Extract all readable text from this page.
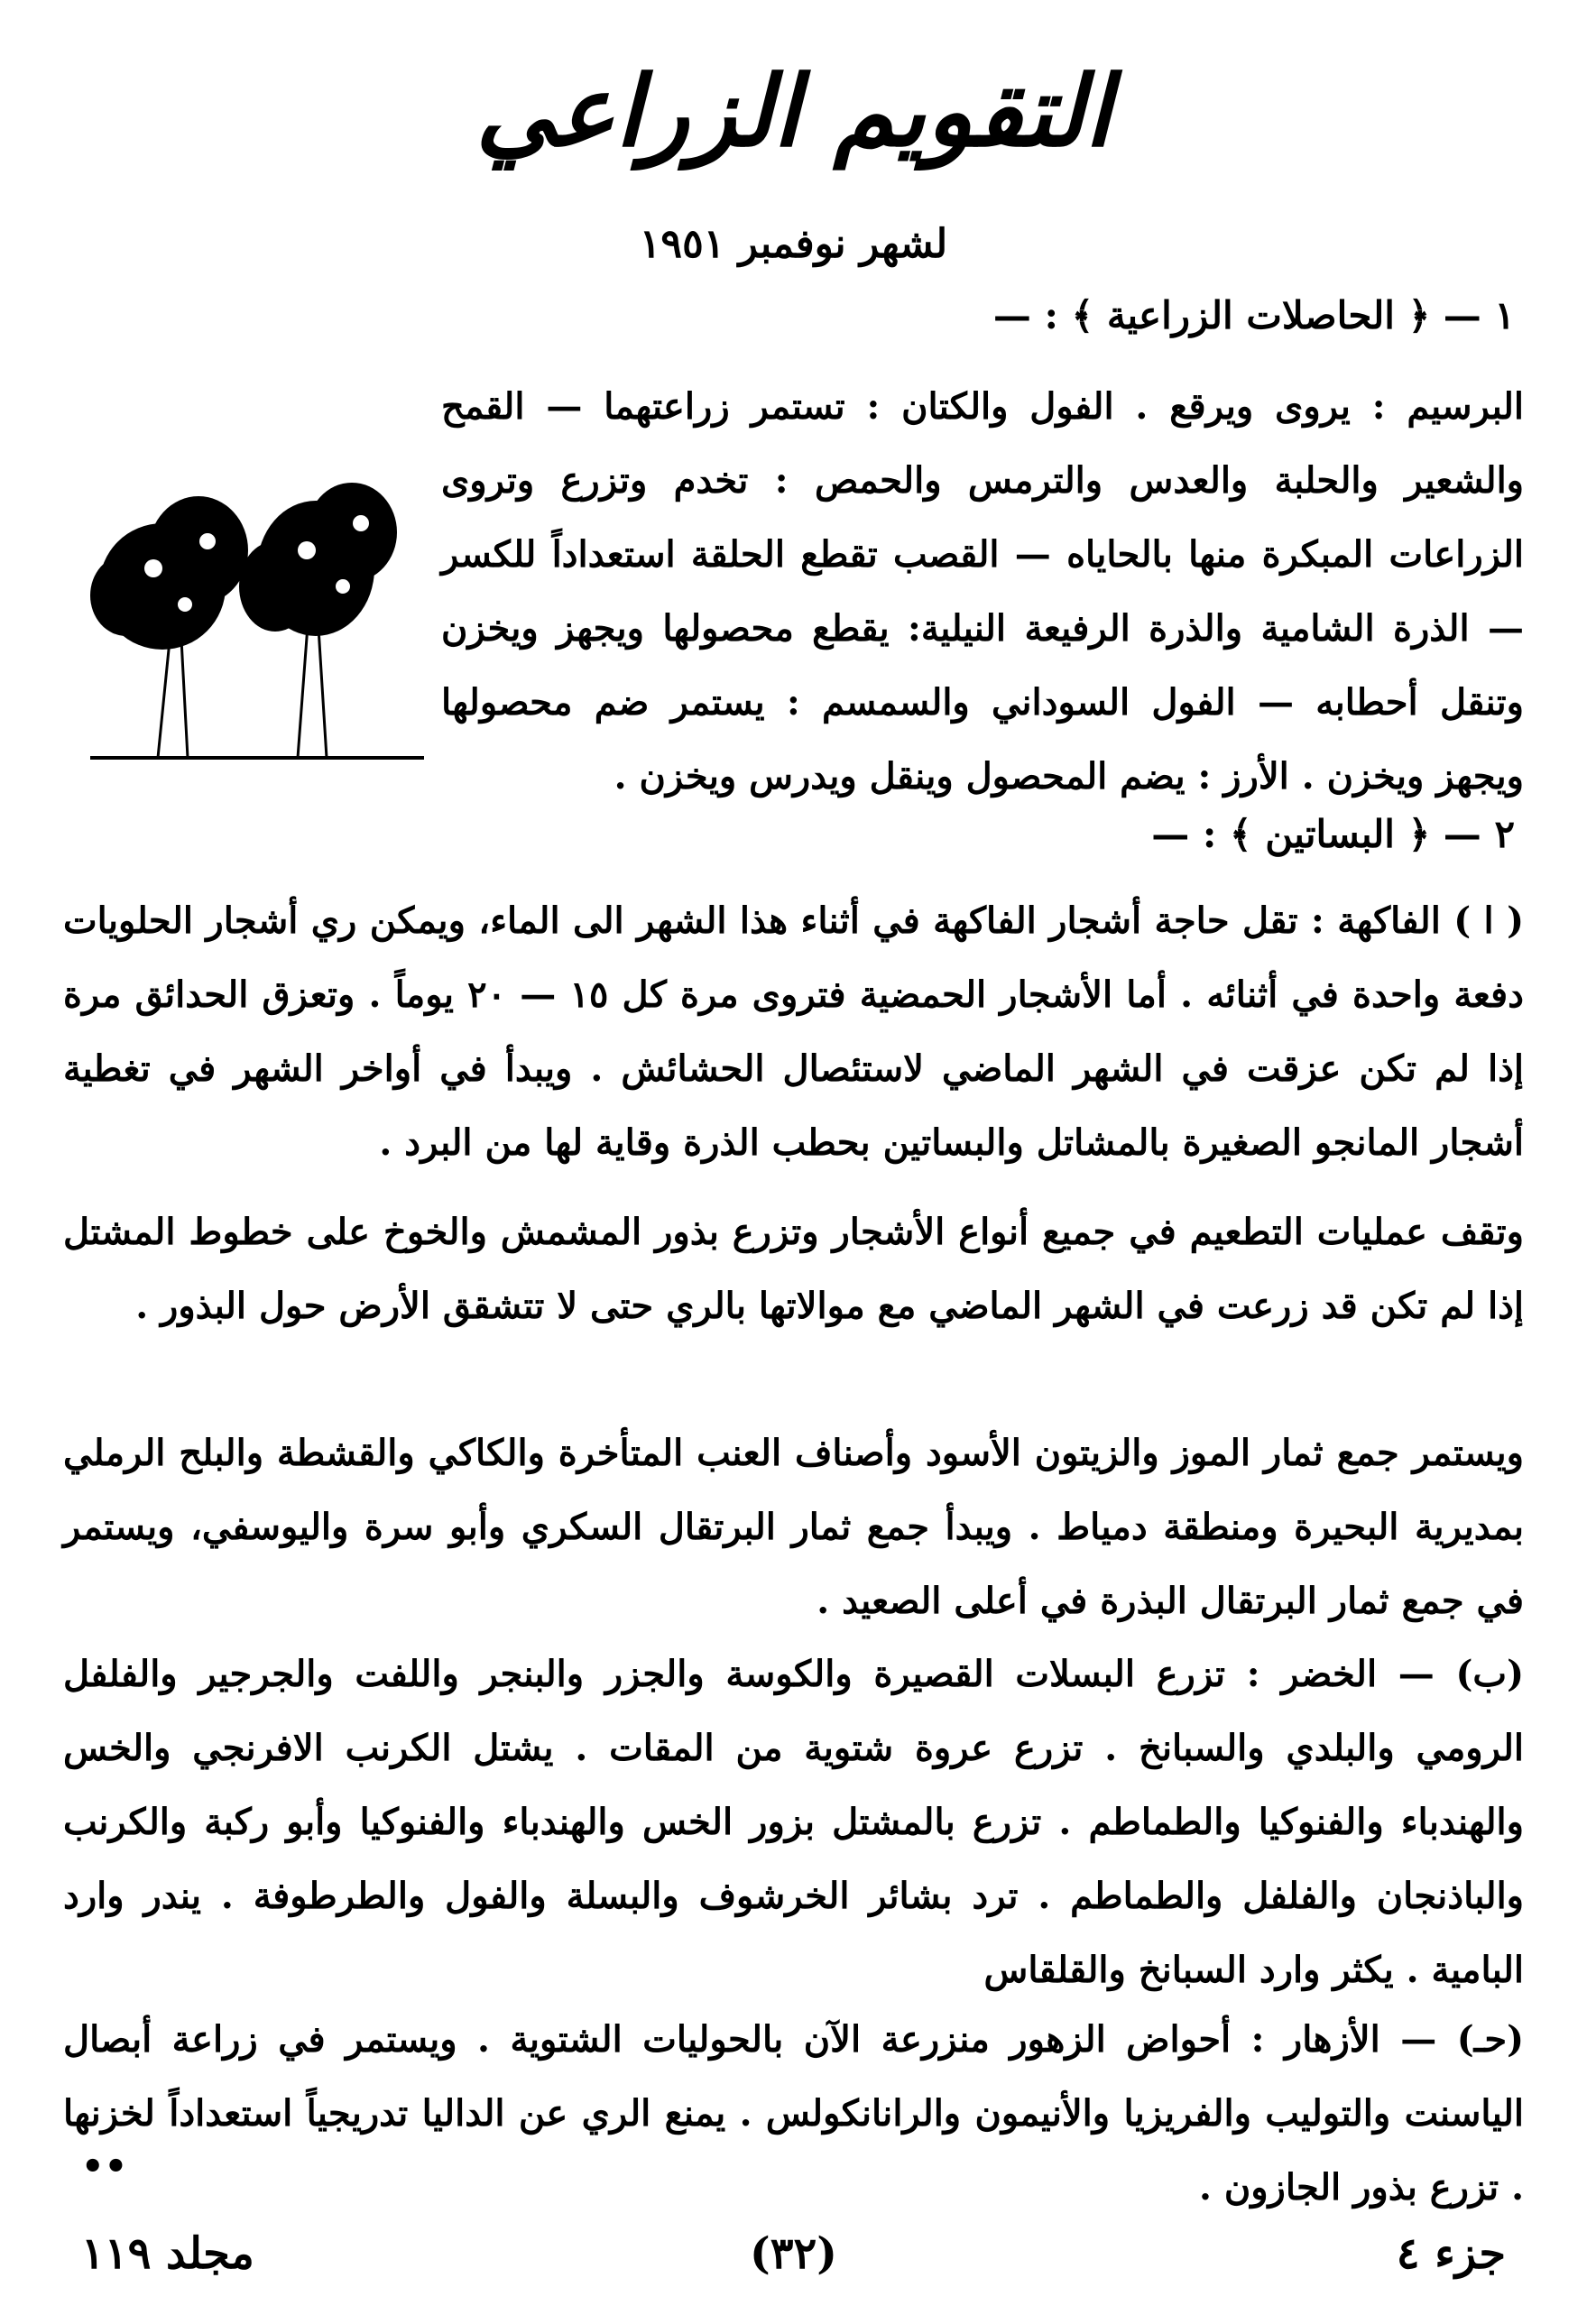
التقويم الزراعي
لشهر نوفمبر ١٩٥١
١ — ﴿ الحاصلات الزراعية ﴾ : —
البرسيم : يروى ويرقع . الفول والكتان : تستمر زراعتهما — القمح والشعير والحلبة والعدس والترمس والحمص : تخدم وتزرع وتروى الزراعات المبكرة منها بالحاياه — القصب تقطع الحلقة استعداداً للكسر — الذرة الشامية والذرة الرفيعة النيلية: يقطع محصولها ويجهز ويخزن وتنقل أحطابه — الفول السوداني والسمسم : يستمر ضم محصولها ويجهز ويخزن . الأرز : يضم المحصول وينقل ويدرس ويخزن .
٢ — ﴿ البساتين ﴾ : —
( ا ) الفاكهة : تقل حاجة أشجار الفاكهة في أثناء هذا الشهر الى الماء، ويمكن ري أشجار الحلويات دفعة واحدة في أثنائه . أما الأشجار الحمضية فتروى مرة كل ١٥ — ٢٠ يوماً . وتعزق الحدائق مرة إذا لم تكن عزقت في الشهر الماضي لاستئصال الحشائش . ويبدأ في أواخر الشهر في تغطية أشجار المانجو الصغيرة بالمشاتل والبساتين بحطب الذرة وقاية لها من البرد .
وتقف عمليات التطعيم في جميع أنواع الأشجار وتزرع بذور المشمش والخوخ على خطوط المشتل إذا لم تكن قد زرعت في الشهر الماضي مع موالاتها بالري حتى لا تتشقق الأرض حول البذور .
ويستمر جمع ثمار الموز والزيتون الأسود وأصناف العنب المتأخرة والكاكي والقشطة والبلح الرملي بمديرية البحيرة ومنطقة دمياط . ويبدأ جمع ثمار البرتقال السكري وأبو سرة واليوسفي، ويستمر في جمع ثمار البرتقال البذرة في أعلى الصعيد .
(ب) — الخضر : تزرع البسلات القصيرة والكوسة والجزر والبنجر واللفت والجرجير والفلفل الرومي والبلدي والسبانخ . تزرع عروة شتوية من المقات . يشتل الكرنب الافرنجي والخس والهندباء والفنوكيا والطماطم . تزرع بالمشتل بزور الخس والهندباء والفنوكيا وأبو ركبة والكرنب والباذنجان والفلفل والطماطم . ترد بشائر الخرشوف والبسلة والفول والطرطوفة . يندر وارد البامية . يكثر وارد السبانخ والقلقاس
(حـ) — الأزهار : أحواض الزهور منزرعة الآن بالحوليات الشتوية . ويستمر في زراعة أبصال الياسنت والتوليب والفريزيا والأنيمون والرانانكولس . يمنع الري عن الداليا تدريجياً استعداداً لخزنها . تزرع بذور الجازون .
••
جزء ٤
(٣٢)
مجلد ١١٩
